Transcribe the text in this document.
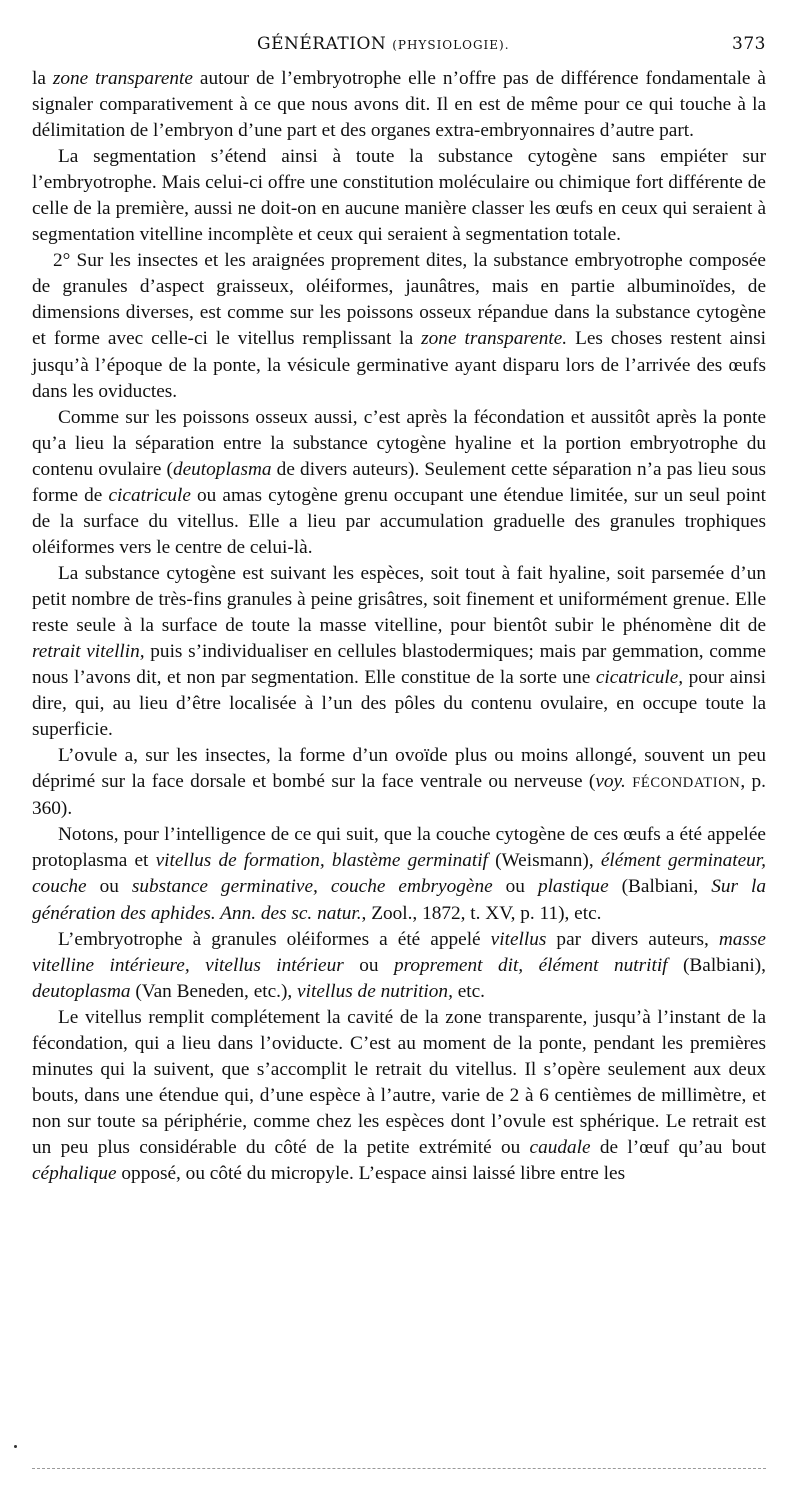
GÉNÉRATION (PHYSIOLOGIE).	373

la zone transparente autour de l’embryotrophe elle n’offre pas de différence fondamentale à signaler comparativement à ce que nous avons dit. Il en est de même pour ce qui touche à la délimitation de l’embryon d’une part et des organes extra-embryonnaires d’autre part.

La segmentation s’étend ainsi à toute la substance cytogène sans empiéter sur l’embryotrophe. Mais celui-ci offre une constitution moléculaire ou chimique fort différente de celle de la première, aussi ne doit-on en aucune manière classer les œufs en ceux qui seraient à segmentation vitelline incomplète et ceux qui seraient à segmentation totale.

2° Sur les insectes et les araignées proprement dites, la substance embryotrophe composée de granules d’aspect graisseux, oléiformes, jaunâtres, mais en partie albuminoïdes, de dimensions diverses, est comme sur les poissons osseux répandue dans la substance cytogène et forme avec celle-ci le vitellus remplissant la zone transparente. Les choses restent ainsi jusqu’à l’époque de la ponte, la vésicule germinative ayant disparu lors de l’arrivée des œufs dans les oviductes.

Comme sur les poissons osseux aussi, c’est après la fécondation et aussitôt après la ponte qu’a lieu la séparation entre la substance cytogène hyaline et la portion embryotrophe du contenu ovulaire (deutoplasma de divers auteurs). Seulement cette séparation n’a pas lieu sous forme de cicatricule ou amas cytogène grenu occupant une étendue limitée, sur un seul point de la surface du vitellus. Elle a lieu par accumulation graduelle des granules trophiques oléiformes vers le centre de celui-là.

La substance cytogène est suivant les espèces, soit tout à fait hyaline, soit parsemée d’un petit nombre de très-fins granules à peine grisâtres, soit finement et uniformément grenue. Elle reste seule à la surface de toute la masse vitelline, pour bientôt subir le phénomène dit de retrait vitellin, puis s’individualiser en cellules blastodermiques; mais par gemmation, comme nous l’avons dit, et non par segmentation. Elle constitue de la sorte une cicatricule, pour ainsi dire, qui, au lieu d’être localisée à l’un des pôles du contenu ovulaire, en occupe toute la superficie.

L’ovule a, sur les insectes, la forme d’un ovoïde plus ou moins allongé, souvent un peu déprimé sur la face dorsale et bombé sur la face ventrale ou nerveuse (voy. FÉCONDATION, p. 360).

Notons, pour l’intelligence de ce qui suit, que la couche cytogène de ces œufs a été appelée protoplasma et vitellus de formation, blastème germinatif (Weismann), élément germinateur, couche ou substance germinative, couche embryogène ou plastique (Balbiani, Sur la génération des aphides. Ann. des sc. natur., Zool., 1872, t. XV, p. 11), etc.

L’embryotrophe à granules oléiformes a été appelé vitellus par divers auteurs, masse vitelline intérieure, vitellus intérieur ou proprement dit, élément nutritif (Balbiani), deutoplasma (Van Beneden, etc.), vitellus de nutrition, etc.

Le vitellus remplit complétement la cavité de la zone transparente, jusqu’à l’instant de la fécondation, qui a lieu dans l’oviducte. C’est au moment de la ponte, pendant les premières minutes qui la suivent, que s’accomplit le retrait du vitellus. Il s’opère seulement aux deux bouts, dans une étendue qui, d’une espèce à l’autre, varie de 2 à 6 centièmes de millimètre, et non sur toute sa périphérie, comme chez les espèces dont l’ovule est sphérique. Le retrait est un peu plus considérable du côté de la petite extrémité ou caudale de l’œuf qu’au bout céphalique opposé, ou côté du micropyle. L’espace ainsi laissé libre entre les
